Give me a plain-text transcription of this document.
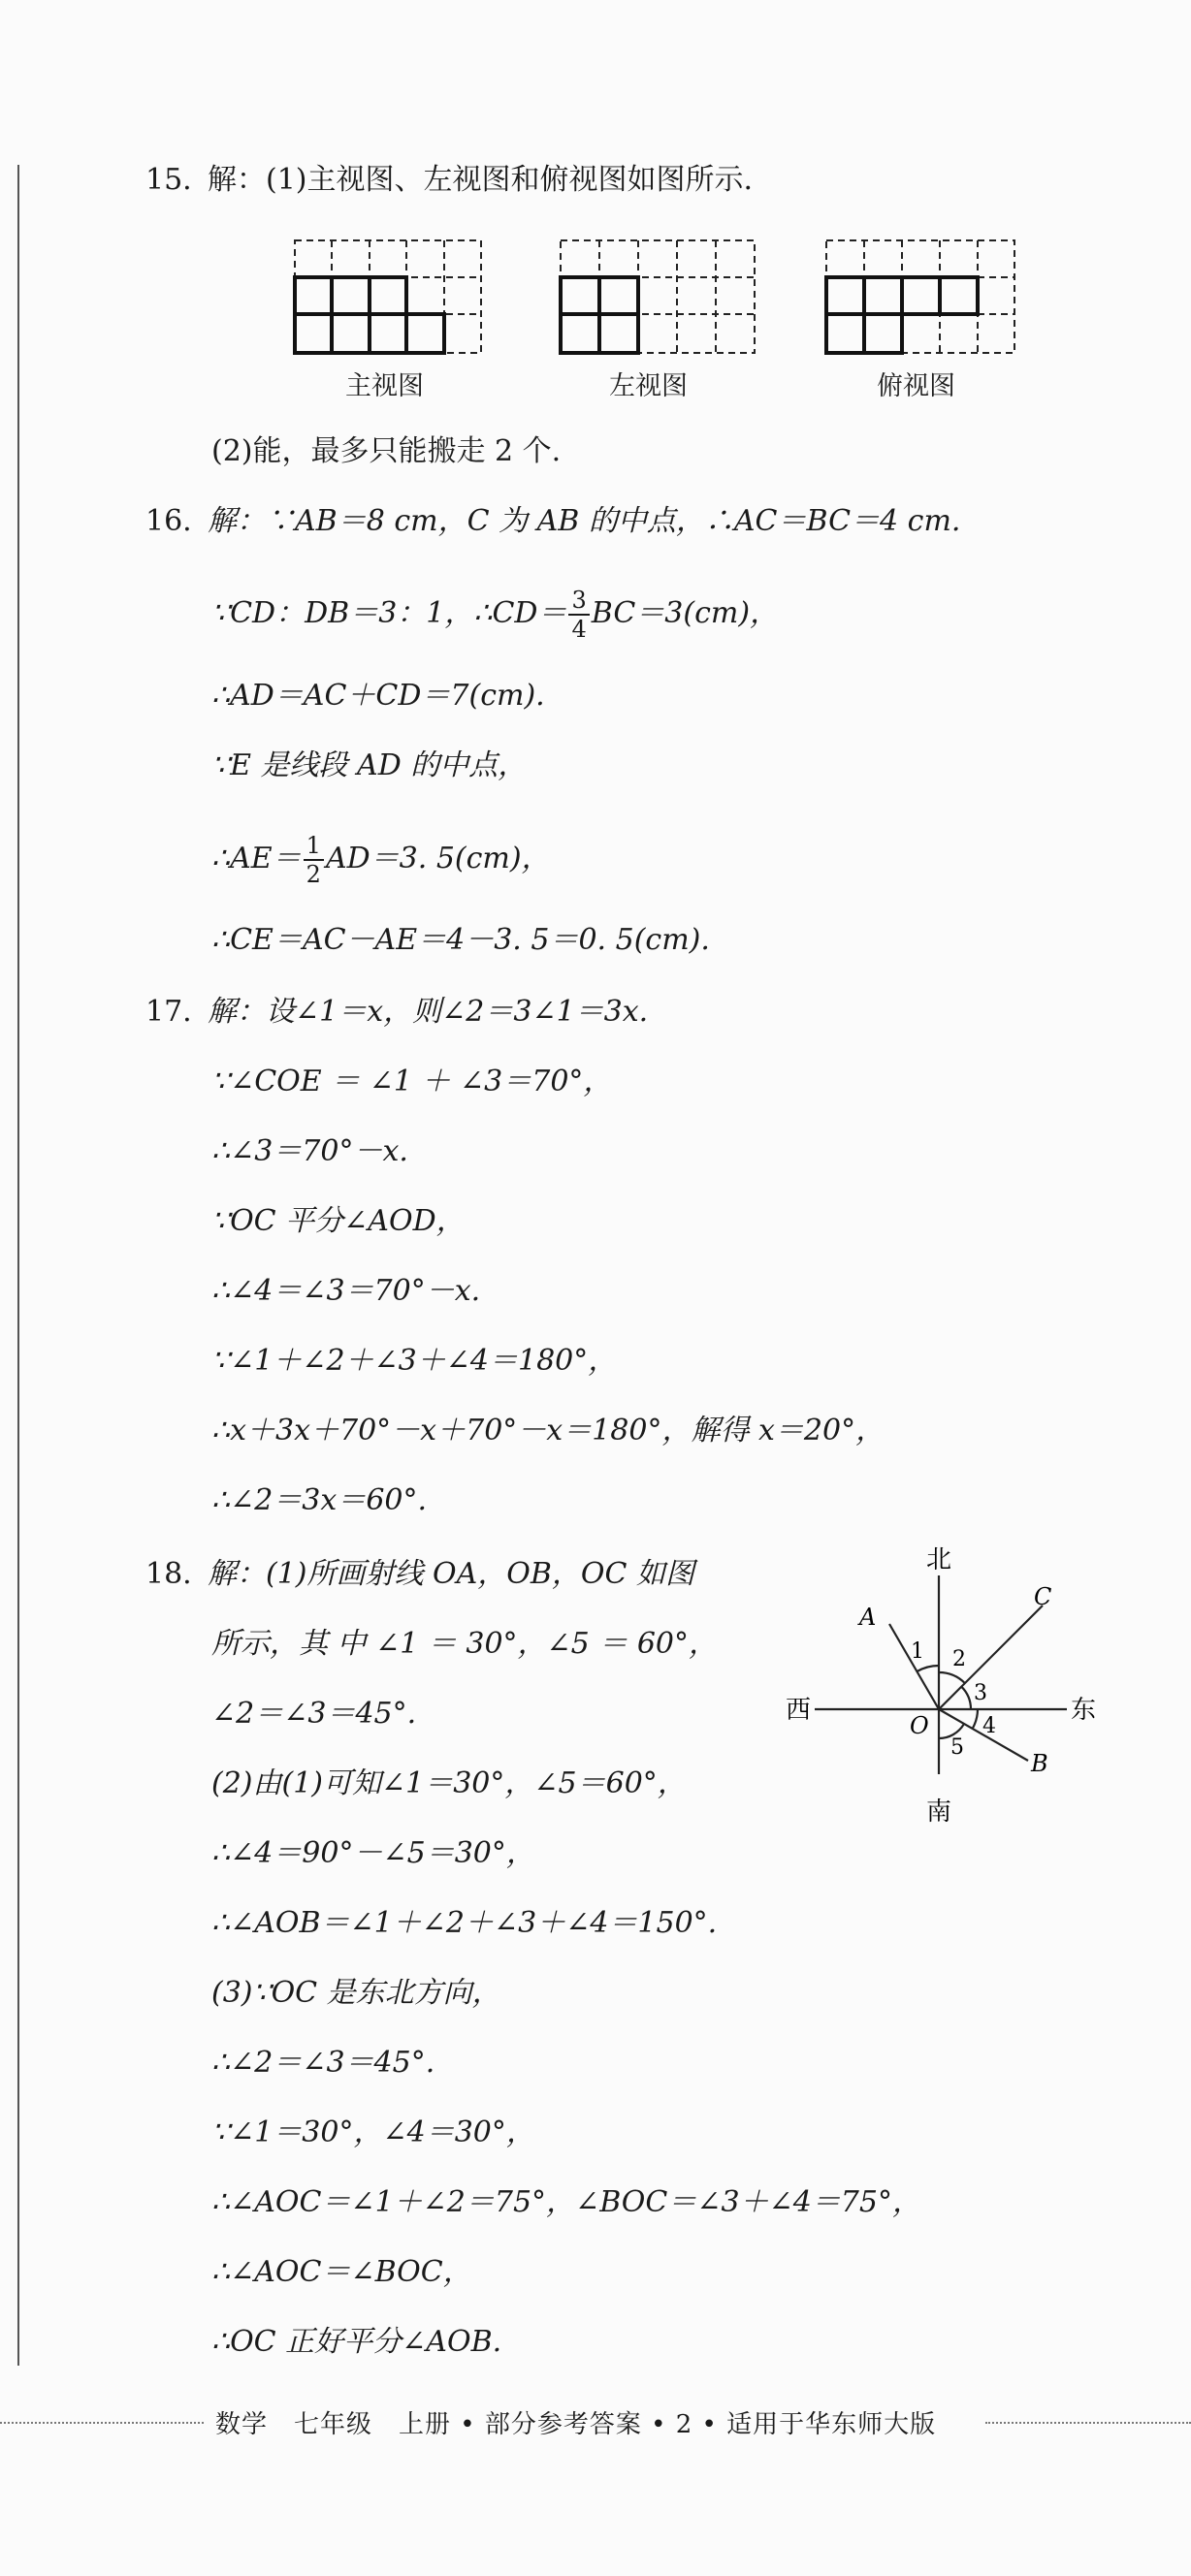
15. 解：(1)主视图、左视图和俯视图如图所示.
主视图	左视图	俯视图
(2)能，最多只能搬走 2 个.
16. 解：∵AB＝8 cm，C 为 AB 的中点，∴AC＝BC＝4 cm.
∵CD：DB＝3：1，∴CD＝ $\frac{3}{4} BC=3(cm)$，
∴AD＝AC＋CD＝7(cm).
∵E 是线段 AD 的中点，
∴AE＝ $\frac{1}{2} AD=3$. 5(cm)，
∴CE＝AC－AE＝4－3. 5＝0. 5(cm).
17. 解：设∠1＝x，则∠2＝3∠1＝3x.
∵∠COE ＝ ∠1 ＋ ∠3＝70°，
∴∠3＝70°－x.
∵OC 平分∠AOD，
∴∠4＝∠3＝70°－x.
∵∠1＋∠2＋∠3＋∠4＝180°，
∴x＋3x＋70°－x＋70°－x＝180°，解得 x＝20°，
∴∠2＝3x＝60°.
18. 解：(1)所画射线 OA，OB，OC 如图
所示，其 中 ∠1 ＝ 30°，∠5 ＝ 60°，
∠2＝∠3＝45°.
(2)由(1)可知∠1＝30°，∠5＝60°，
∴∠4＝90°－∠5＝30°，
∴∠AOB＝∠1＋∠2＋∠3＋∠4＝150°.
(3)∵OC 是东北方向，
∴∠2＝∠3＝45°.
∵∠1＝30°，∠4＝30°，
∴∠AOC＝∠1＋∠2＝75°，∠BOC＝∠3＋∠4＝75°，
∴∠AOC＝∠BOC，
∴OC 正好平分∠AOB.
北
南
东
西
O
A
B
C
1 2
3
4
5
数学　七年级　上册 • 部分参考答案 • 2 • 适用于华东师大版
